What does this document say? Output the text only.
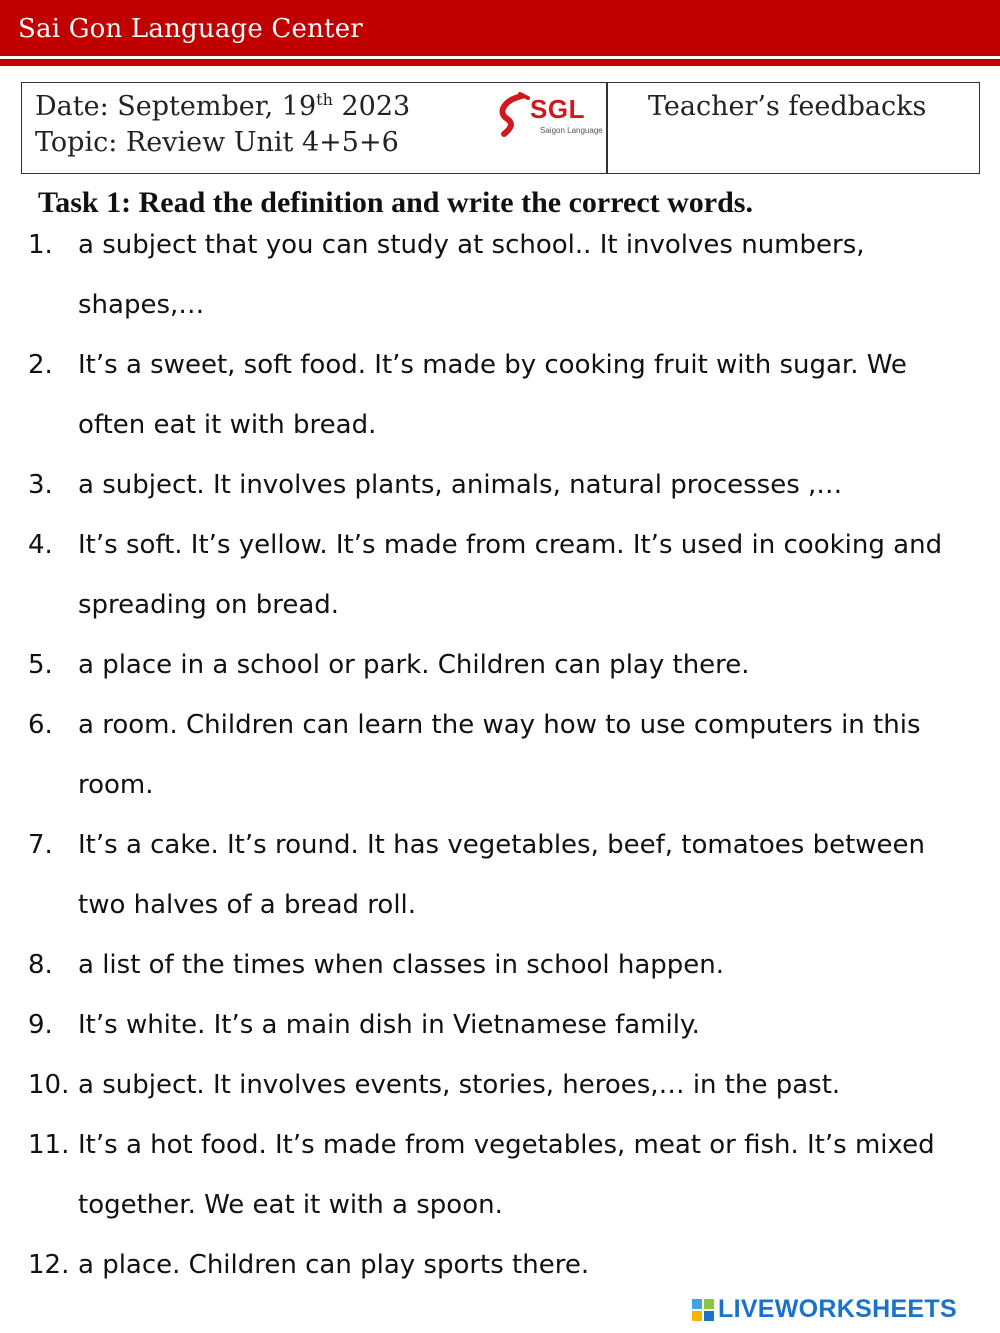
Sai Gon Language Center
Date: September, 19th 2023
Topic: Review Unit 4+5+6
SGL
Saigon Language
Teacher’s feedbacks
Task 1: Read the definition and write the correct words.
1. a subject that you can study at school.. It involves numbers,
shapes,…
2. It’s a sweet, soft food. It’s made by cooking fruit with sugar. We
often eat it with bread.
3. a subject. It involves plants, animals, natural processes ,…
4. It’s soft. It’s yellow. It’s made from cream. It’s used in cooking and
spreading on bread.
5. a place in a school or park. Children can play there.
6. a room. Children can learn the way how to use computers in this
room.
7. It’s a cake. It’s round. It has vegetables, beef, tomatoes between
two halves of a bread roll.
8. a list of the times when classes in school happen.
9. It’s white. It’s a main dish in Vietnamese family.
10. a subject. It involves events, stories, heroes,… in the past.
11. It’s a hot food. It’s made from vegetables, meat or fish. It’s mixed
together. We eat it with a spoon.
12. a place. Children can play sports there.
LIVEWORKSHEETS
